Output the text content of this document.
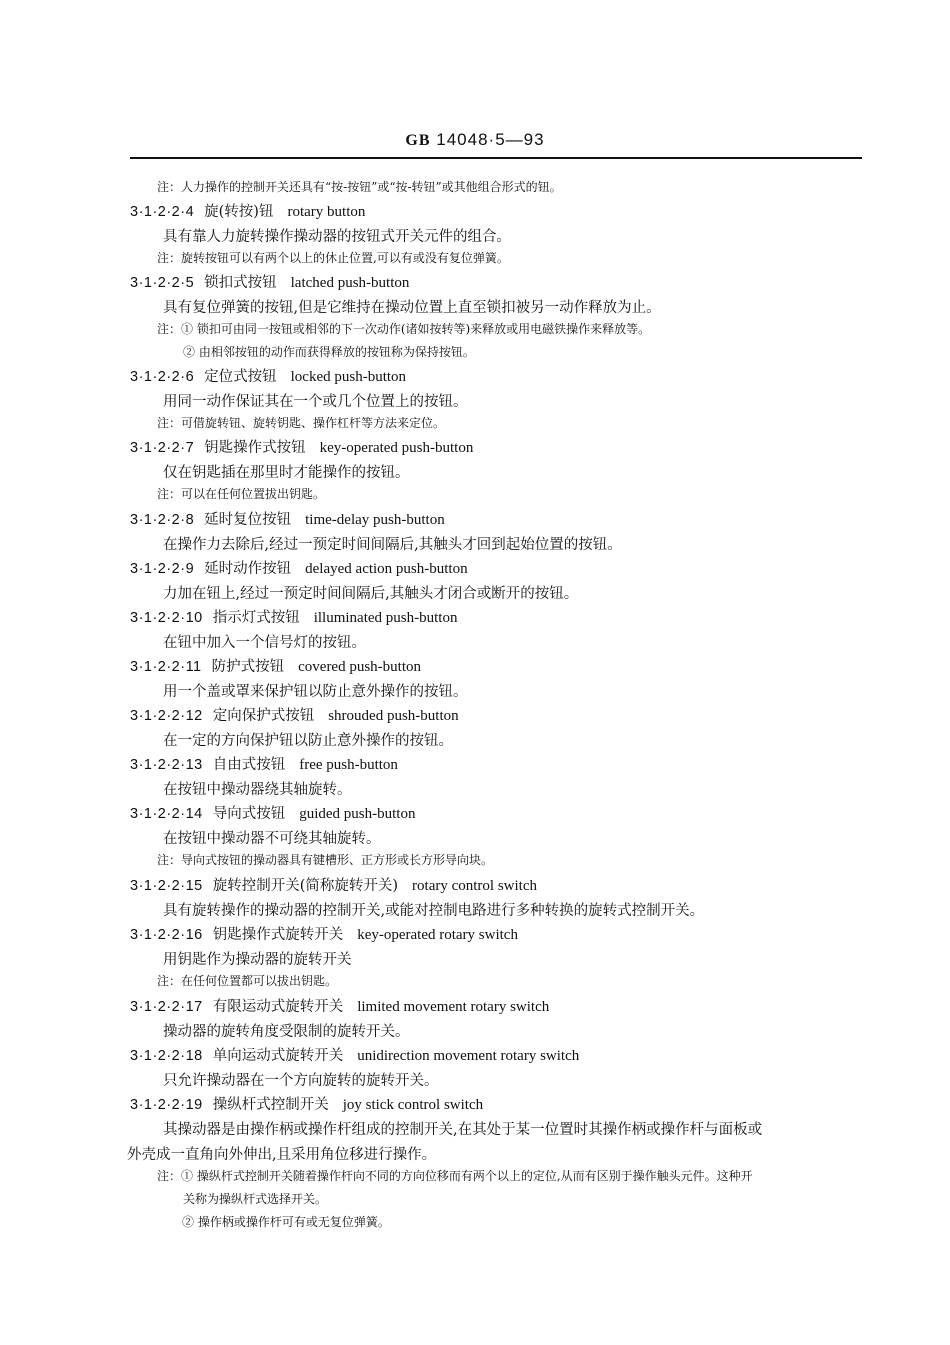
GB 14048·5—93
注：人力操作的控制开关还具有“按-按钮”或“按-转钮”或其他组合形式的钮。
3·1·2·2·4 旋(转按)钮 rotary button
具有靠人力旋转操作操动器的按钮式开关元件的组合。
注：旋转按钮可以有两个以上的休止位置,可以有或没有复位弹簧。
3·1·2·2·5 锁扣式按钮 latched push-button
具有复位弹簧的按钮,但是它维持在操动位置上直至锁扣被另一动作释放为止。
注：① 锁扣可由同一按钮或相邻的下一次动作(诸如按转等)来释放或用电磁铁操作来释放等。
② 由相邻按钮的动作而获得释放的按钮称为保持按钮。
3·1·2·2·6 定位式按钮 locked push-button
用同一动作保证其在一个或几个位置上的按钮。
注：可借旋转钮、旋转钥匙、操作杠杆等方法来定位。
3·1·2·2·7 钥匙操作式按钮 key-operated push-button
仅在钥匙插在那里时才能操作的按钮。
注：可以在任何位置拔出钥匙。
3·1·2·2·8 延时复位按钮 time-delay push-button
在操作力去除后,经过一预定时间间隔后,其触头才回到起始位置的按钮。
3·1·2·2·9 延时动作按钮 delayed action push-button
力加在钮上,经过一预定时间间隔后,其触头才闭合或断开的按钮。
3·1·2·2·10 指示灯式按钮 illuminated push-button
在钮中加入一个信号灯的按钮。
3·1·2·2·11 防护式按钮 covered push-button
用一个盖或罩来保护钮以防止意外操作的按钮。
3·1·2·2·12 定向保护式按钮 shrouded push-button
在一定的方向保护钮以防止意外操作的按钮。
3·1·2·2·13 自由式按钮 free push-button
在按钮中操动器绕其轴旋转。
3·1·2·2·14 导向式按钮 guided push-button
在按钮中操动器不可绕其轴旋转。
注：导向式按钮的操动器具有键槽形、正方形或长方形导向块。
3·1·2·2·15 旋转控制开关(简称旋转开关) rotary control switch
具有旋转操作的操动器的控制开关,或能对控制电路进行多种转换的旋转式控制开关。
3·1·2·2·16 钥匙操作式旋转开关 key-operated rotary switch
用钥匙作为操动器的旋转开关
注：在任何位置都可以拔出钥匙。
3·1·2·2·17 有限运动式旋转开关 limited movement rotary switch
操动器的旋转角度受限制的旋转开关。
3·1·2·2·18 单向运动式旋转开关 unidirection movement rotary switch
只允许操动器在一个方向旋转的旋转开关。
3·1·2·2·19 操纵杆式控制开关 joy stick control switch
其操动器是由操作柄或操作杆组成的控制开关,在其处于某一位置时其操作柄或操作杆与面板或
外壳成一直角向外伸出,且采用角位移进行操作。
注：① 操纵杆式控制开关随着操作杆向不同的方向位移而有两个以上的定位,从而有区别于操作触头元件。这种开
关称为操纵杆式选择开关。
② 操作柄或操作杆可有或无复位弹簧。
